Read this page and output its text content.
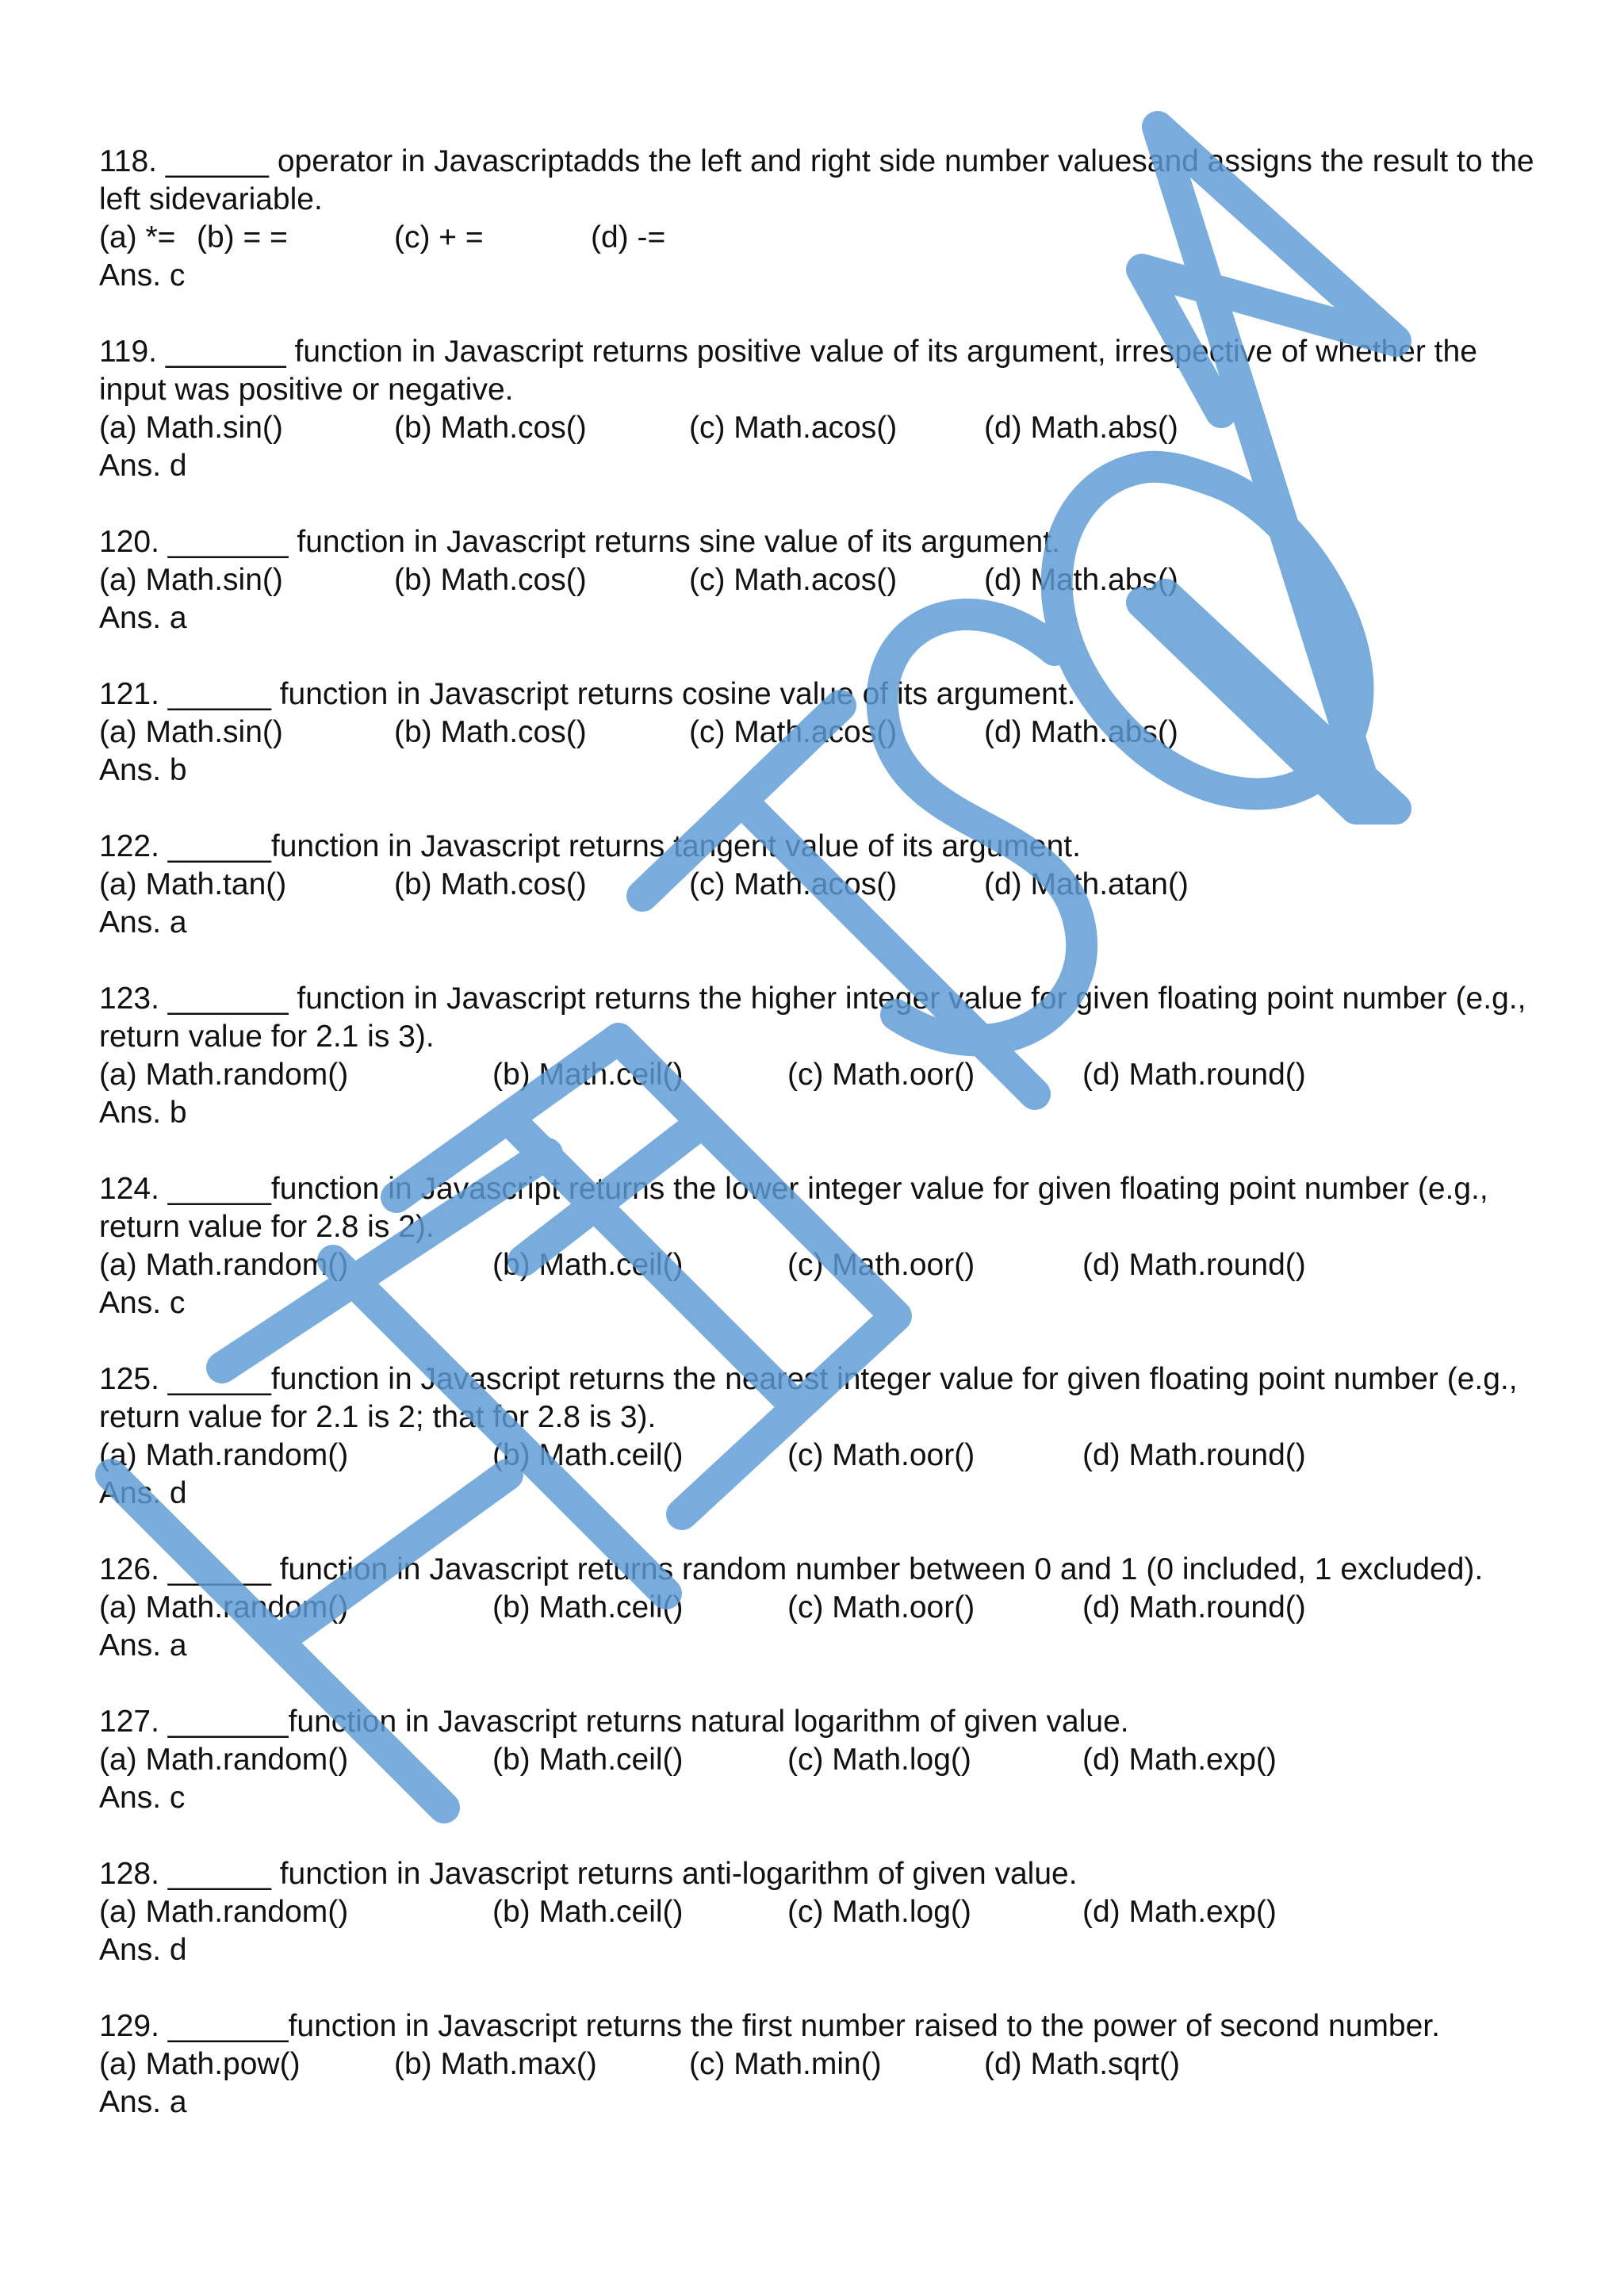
118. ______ operator in Javascriptadds the left and right side number valuesand assigns the result to the left sidevariable.
(a) *= (b) = =	(c) + =	(d) -=
Ans. c
119. _______ function in Javascript returns positive value of its argument, irrespective of whether the input was positive or negative.
(a) Math.sin()	(b) Math.cos()	(c) Math.acos()	(d) Math.abs()
Ans. d
120. _______ function in Javascript returns sine value of its argument.
(a) Math.sin()	(b) Math.cos()	(c) Math.acos()	(d) Math.abs()
Ans. a
121. ______ function in Javascript returns cosine value of its argument.
(a) Math.sin()	(b) Math.cos()	(c) Math.acos()	(d) Math.abs()
Ans. b
122. ______function in Javascript returns tangent value of its argument.
(a) Math.tan()	(b) Math.cos()	(c) Math.acos()	(d) Math.atan()
Ans. a
123. _______ function in Javascript returns the higher integer value for given floating point number (e.g., return value for 2.1 is 3).
(a) Math.random()	(b) Math.ceil()	(c) Math.oor()	(d) Math.round()
Ans. b
124. ______function in Javascript returns the lower integer value for given floating point number (e.g., return value for 2.8 is 2).
(a) Math.random()	(b) Math.ceil()	(c) Math.oor()	(d) Math.round()
Ans. c
125. ______function in Javascript returns the nearest integer value for given floating point number (e.g., return value for 2.1 is 2; that for 2.8 is 3).
(a) Math.random()	(b) Math.ceil()	(c) Math.oor()	(d) Math.round()
Ans. d
126. ______ function in Javascript returns random number between 0 and 1 (0 included, 1 excluded).
(a) Math.random()	(b) Math.ceil()	(c) Math.oor()	(d) Math.round()
Ans. a
127. _______function in Javascript returns natural logarithm of given value.
(a) Math.random()	(b) Math.ceil()	(c) Math.log()	(d) Math.exp()
Ans. c
128. ______ function in Javascript returns anti-logarithm of given value.
(a) Math.random()	(b) Math.ceil()	(c) Math.log()	(d) Math.exp()
Ans. d
129. _______function in Javascript returns the first number raised to the power of second number.
(a) Math.pow()	(b) Math.max()	(c) Math.min()	(d) Math.sqrt()
Ans. a
